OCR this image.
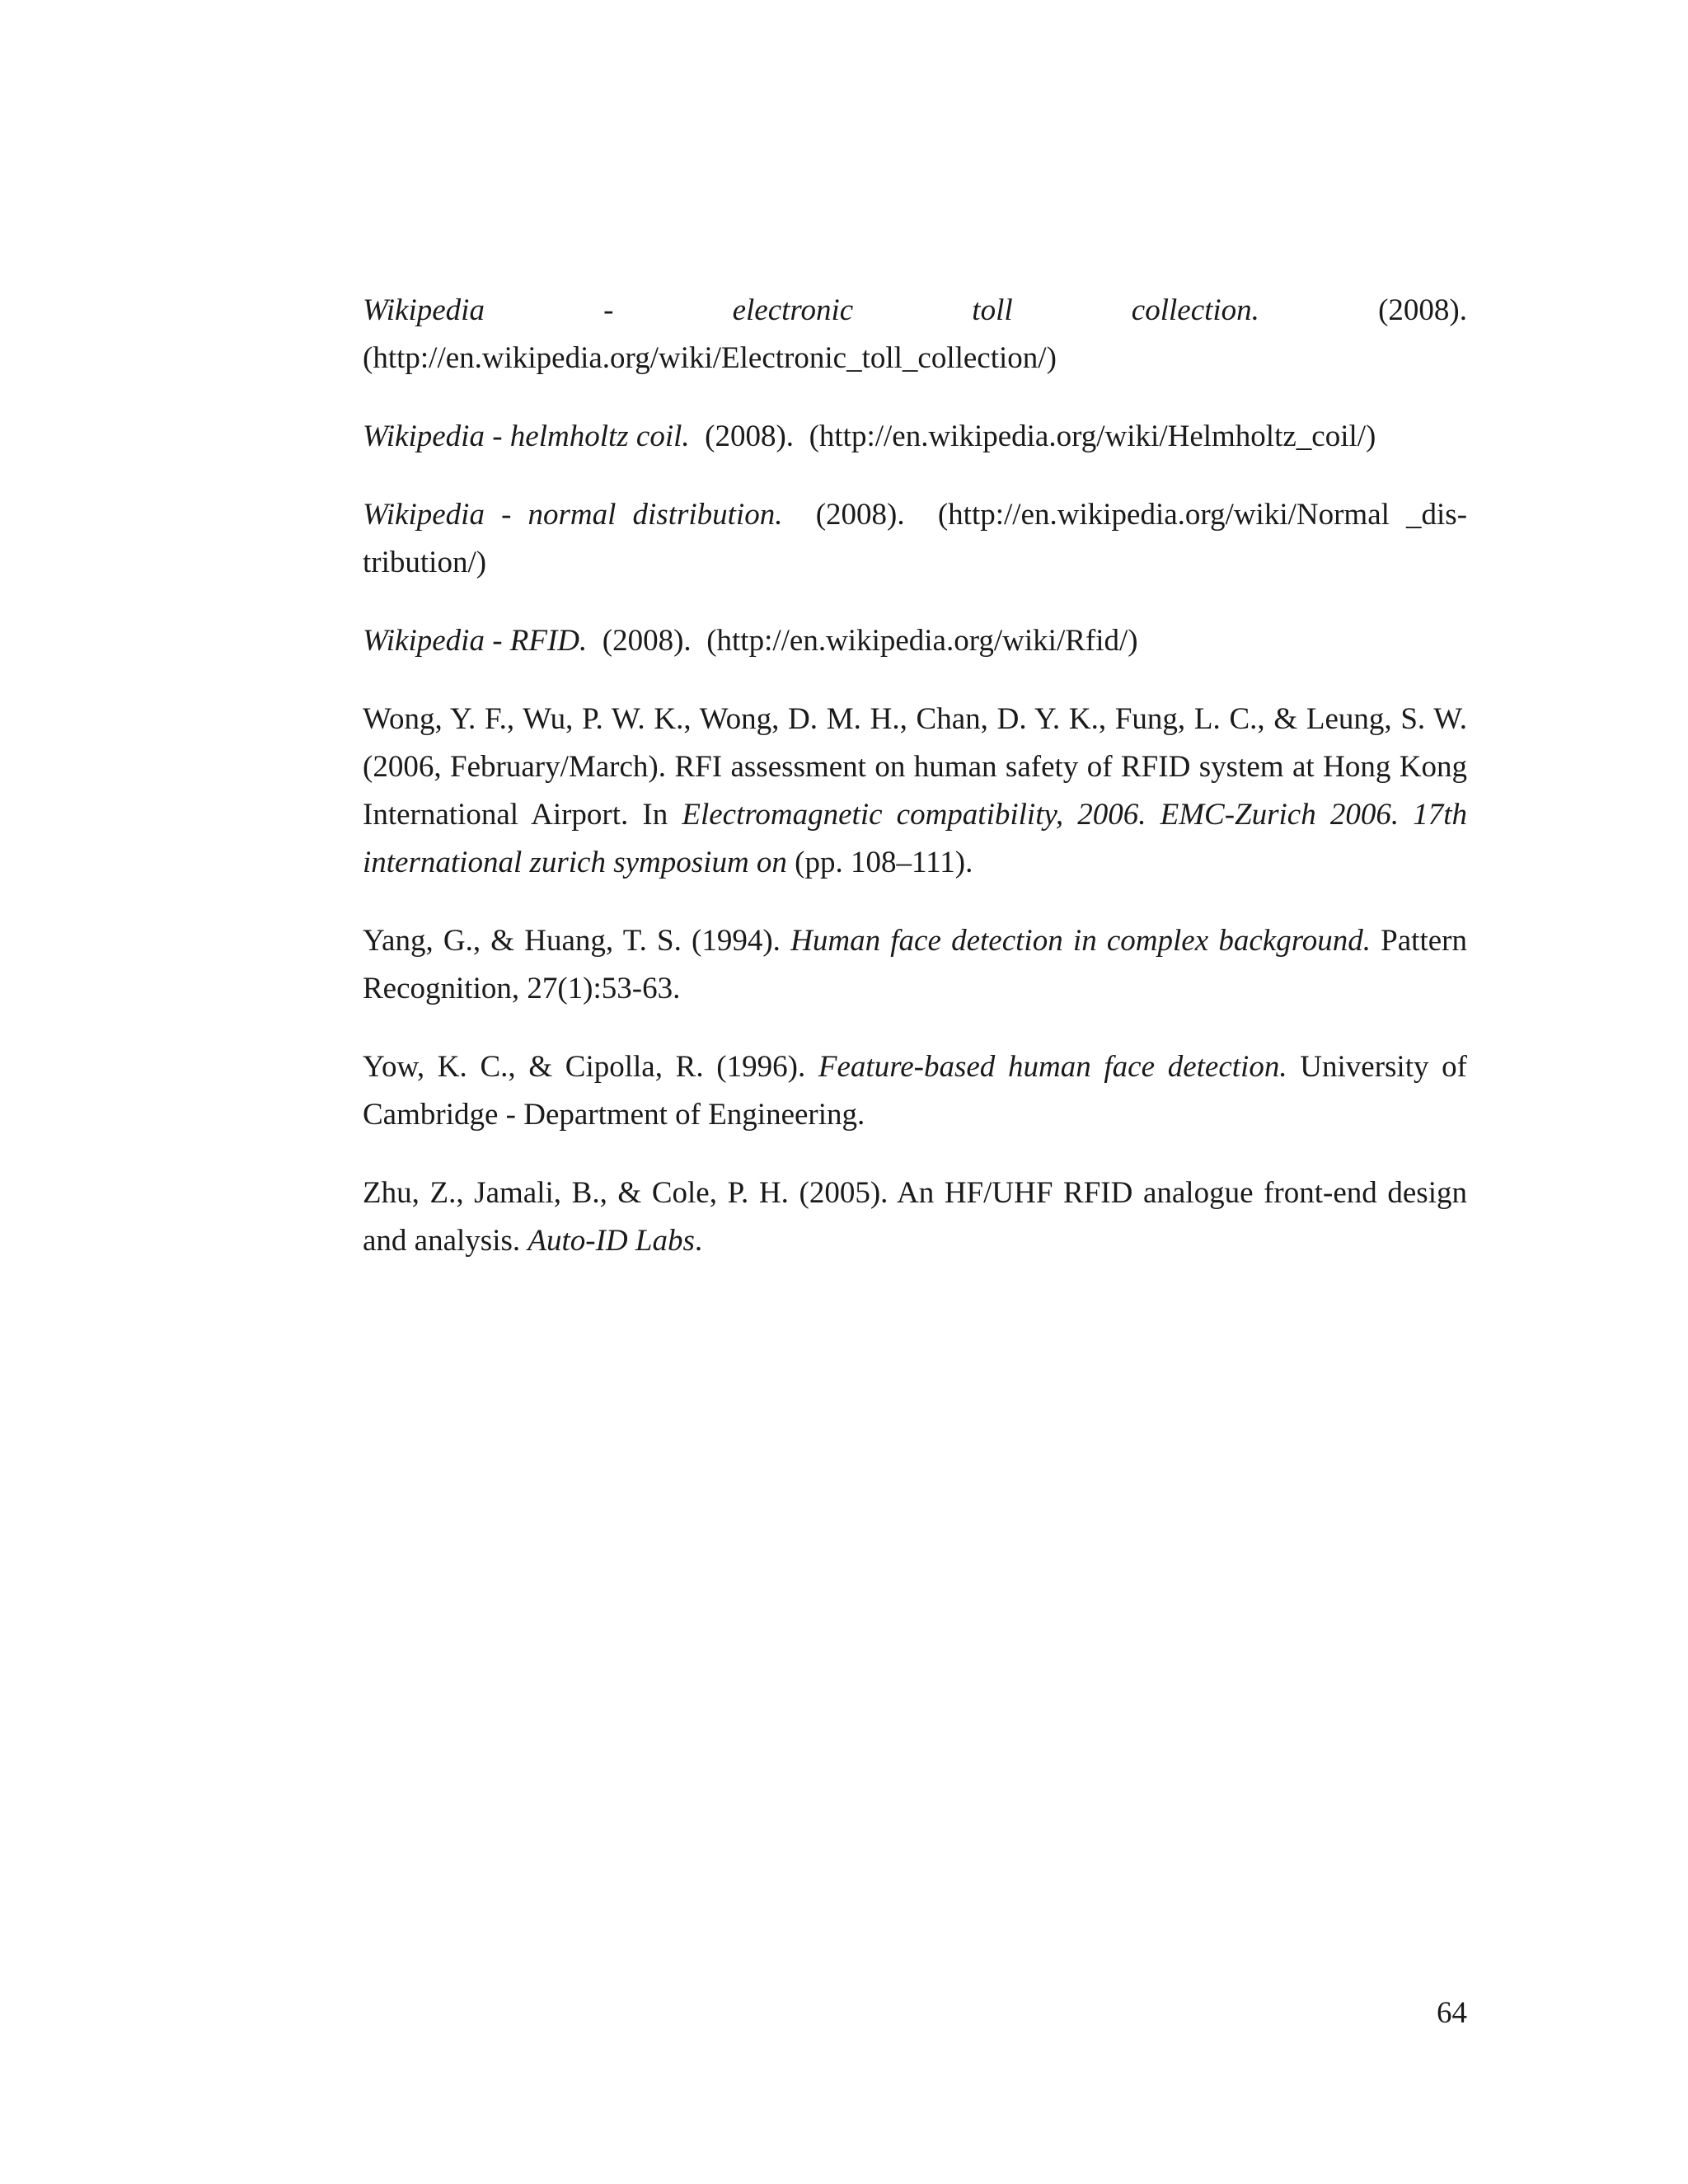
Wikipedia - electronic toll collection.	(2008).
(http://en.wikipedia.org/wiki/Electronic_toll_collection/)

Wikipedia - helmholtz coil. (2008). (http://en.wikipedia.org/wiki/Helmholtz_coil/)

Wikipedia - normal distribution. (2008). (http://en.wikipedia.org/wiki/Normal _dis-
tribution/)

Wikipedia - RFID. (2008). (http://en.wikipedia.org/wiki/Rfid/)

Wong, Y. F., Wu, P. W. K., Wong, D. M. H., Chan, D. Y. K., Fung, L. C., & Leung, S. W. (2006, February/March). RFI assessment on human safety of RFID system at Hong Kong International Airport. In Electromagnetic compatibility, 2006. EMC-Zurich 2006. 17th international zurich symposium on (pp. 108–111).

Yang, G., & Huang, T. S. (1994). Human face detection in complex background. Pattern Recognition, 27(1):53-63.

Yow, K. C., & Cipolla, R. (1996). Feature-based human face detection. University of Cambridge - Department of Engineering.

Zhu, Z., Jamali, B., & Cole, P. H. (2005). An HF/UHF RFID analogue front-end design and analysis. Auto-ID Labs.

64
